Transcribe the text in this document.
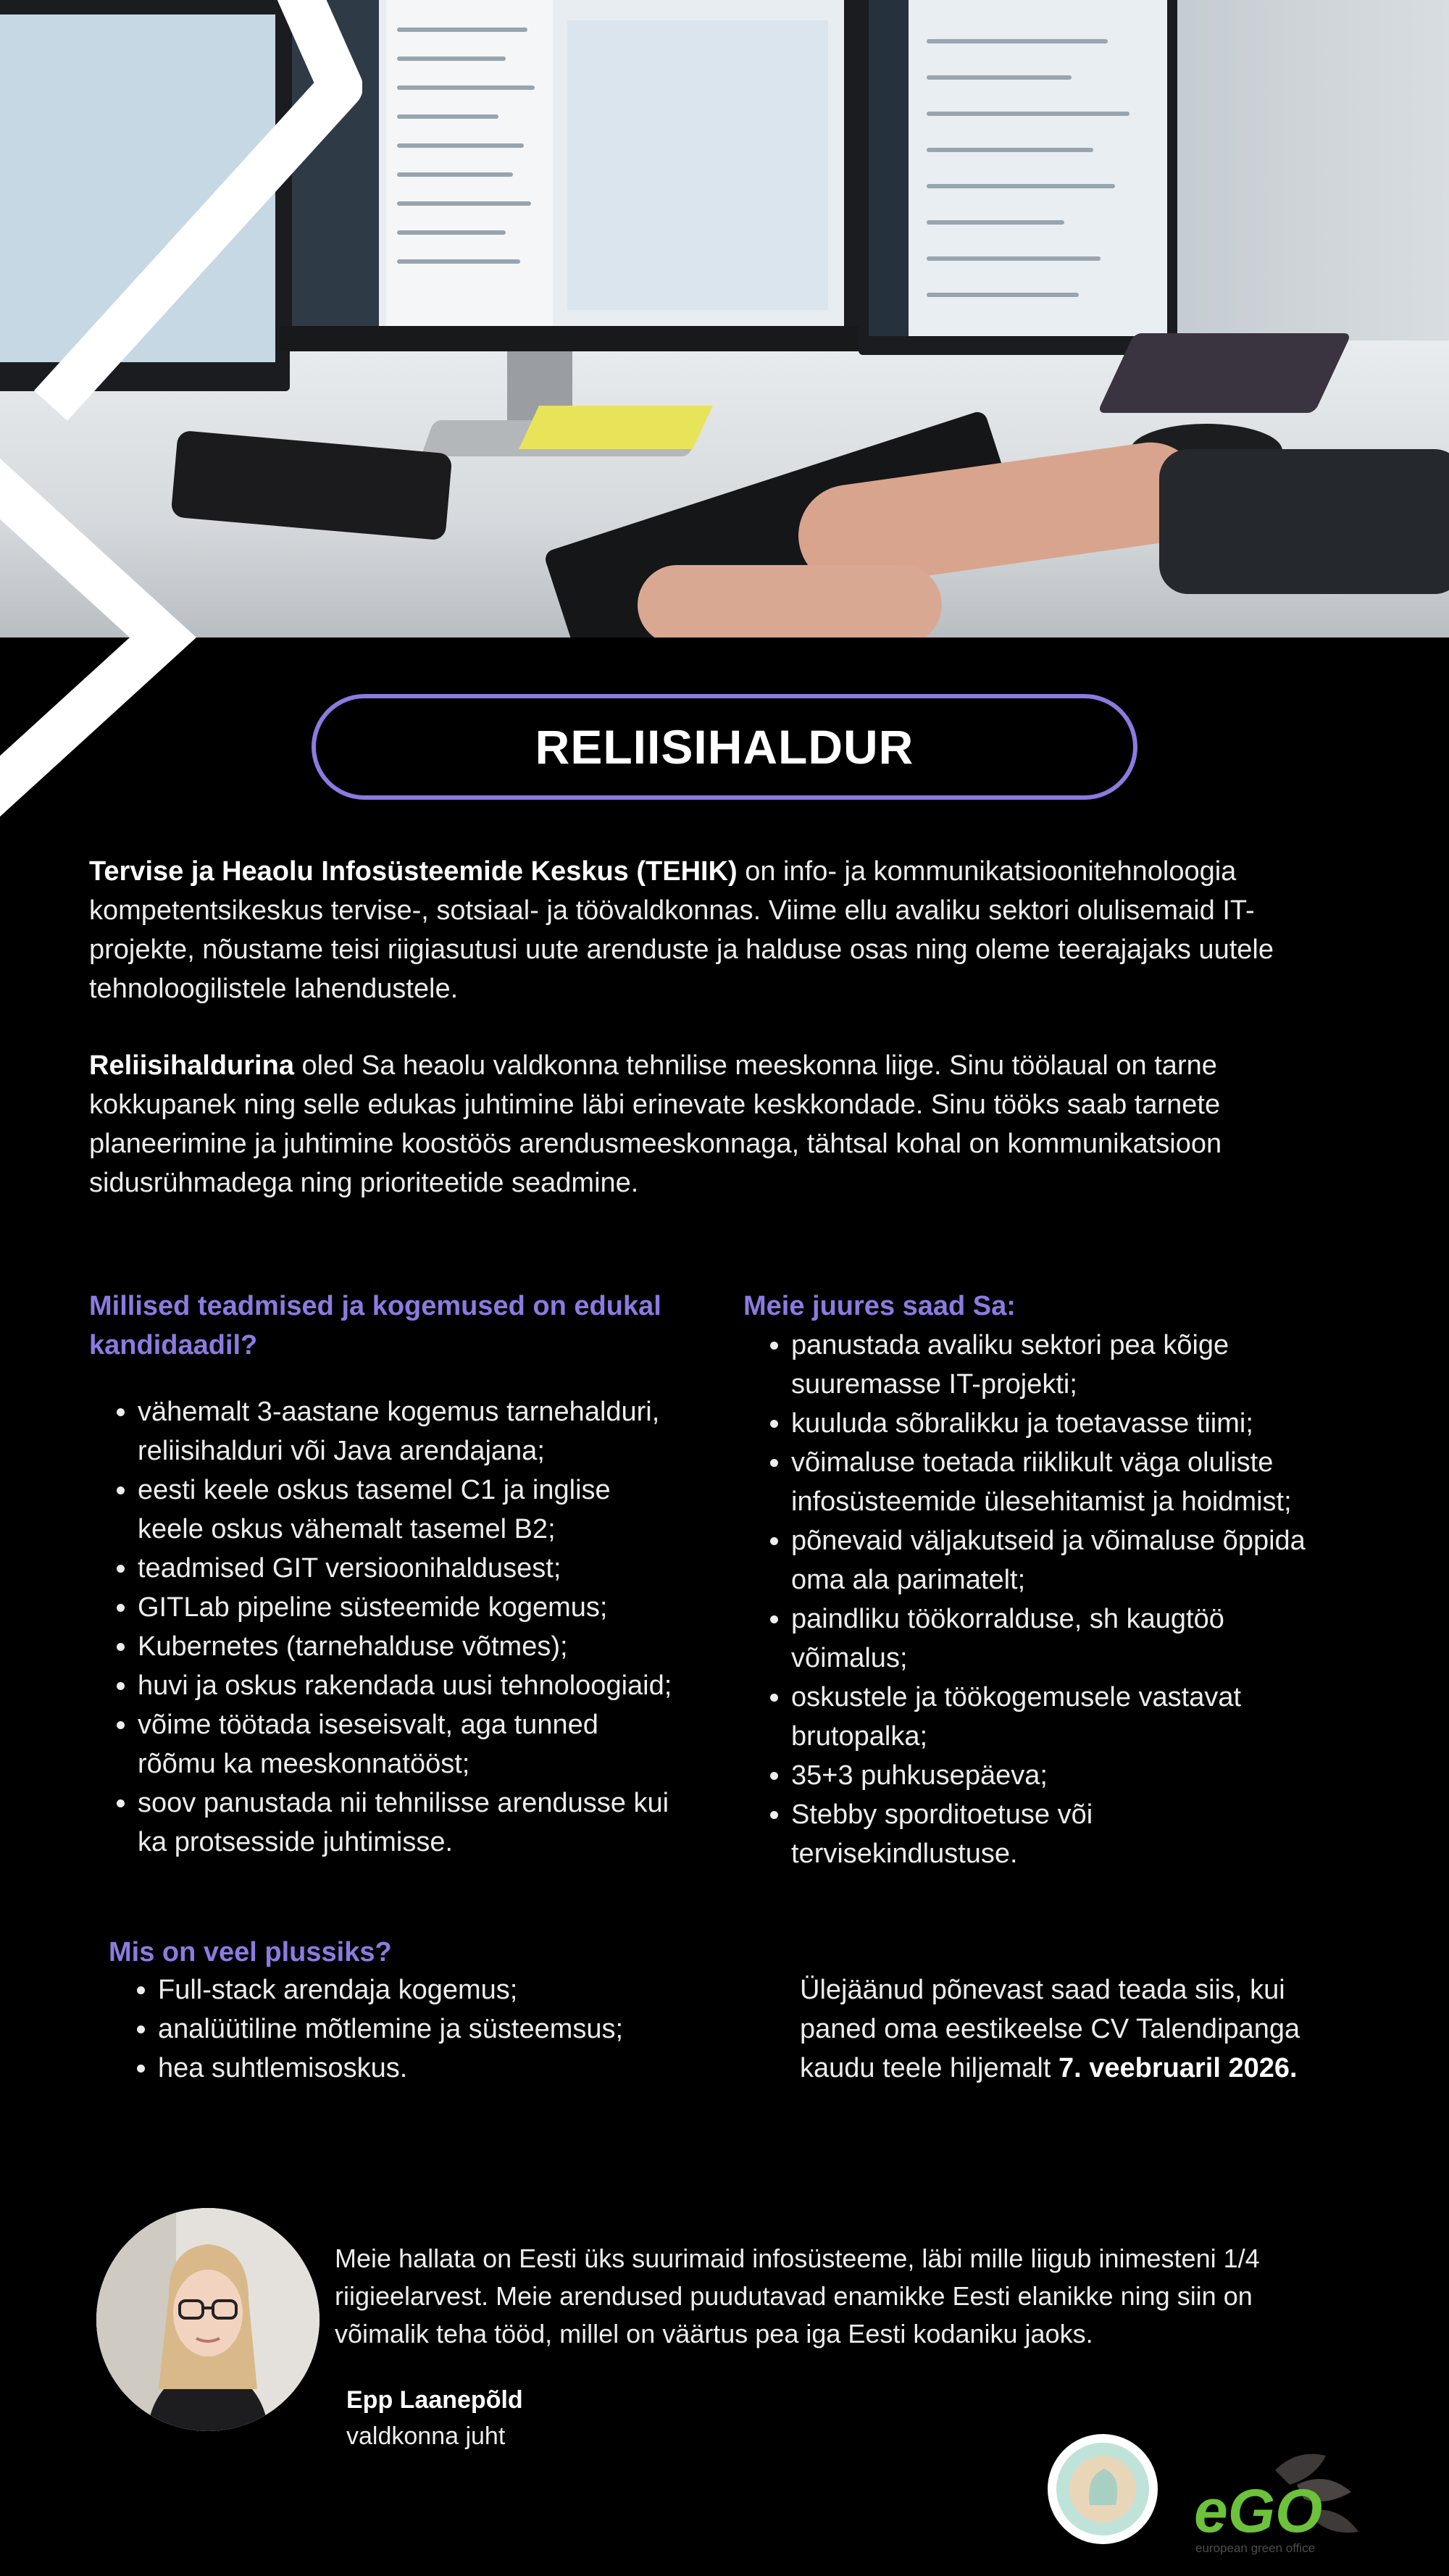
RELIISIHALDUR

Tervise ja Heaolu Infosüsteemide Keskus (TEHIK) on info- ja kommunikatsioonitehnoloogia
kompetentsikeskus tervise-, sotsiaal- ja töövaldkonnas. Viime ellu avaliku sektori olulisemaid IT-
projekte, nõustame teisi riigiasutusi uute arenduste ja halduse osas ning oleme teerajajaks uutele
tehnoloogilistele lahendustele.

Reliisihaldurina oled Sa heaolu valdkonna tehnilise meeskonna liige. Sinu töölaual on tarne
kokkupanek ning selle edukas juhtimine läbi erinevate keskkondade. Sinu tööks saab tarnete
planeerimine ja juhtimine koostöös arendusmeeskonnaga, tähtsal kohal on kommunikatsioon
sidusrühmadega ning prioriteetide seadmine.

Millised teadmised ja kogemused on edukal
kandidaadil?

• vähemalt 3-aastane kogemus tarnehalduri,
reliisihalduri või Java arendajana;
• eesti keele oskus tasemel C1 ja inglise
keele oskus vähemalt tasemel B2;
• teadmised GIT versioonihaldusest;
• GITLab pipeline süsteemide kogemus;
• Kubernetes (tarnehalduse võtmes);
• huvi ja oskus rakendada uusi tehnoloogiaid;
• võime töötada iseseisvalt, aga tunned
rõõmu ka meeskonnatööst;
• soov panustada nii tehnilisse arendusse kui
ka protsesside juhtimisse.

Meie juures saad Sa:

• panustada avaliku sektori pea kõige
suuremasse IT-projekti;
• kuuluda sõbralikku ja toetavasse tiimi;
• võimaluse toetada riiklikult väga oluliste
infosüsteemide ülesehitamist ja hoidmist;
• põnevaid väljakutseid ja võimaluse õppida
oma ala parimatelt;
• paindliku töökorralduse, sh kaugtöö
võimalus;
• oskustele ja töökogemusele vastavat
brutopalka;
• 35+3 puhkusepäeva;
• Stebby sporditoetuse või
tervisekindlustuse.

Mis on veel plussiks?

• Full-stack arendaja kogemus;
• analüütiline mõtlemine ja süsteemsus;
• hea suhtlemisoskus.

Ülejäänud põnevast saad teada siis, kui
paned oma eestikeelse CV Talendipanga
kaudu teele hiljemalt 7. veebruaril 2026.

Meie hallata on Eesti üks suurimaid infosüsteeme, läbi mille liigub inimesteni 1/4
riigieelarvest. Meie arendused puudutavad enamikke Eesti elanikke ning siin on
võimalik teha tööd, millel on väärtus pea iga Eesti kodaniku jaoks.

Epp Laanepõld
valdkonna juht
eGO
european green office
